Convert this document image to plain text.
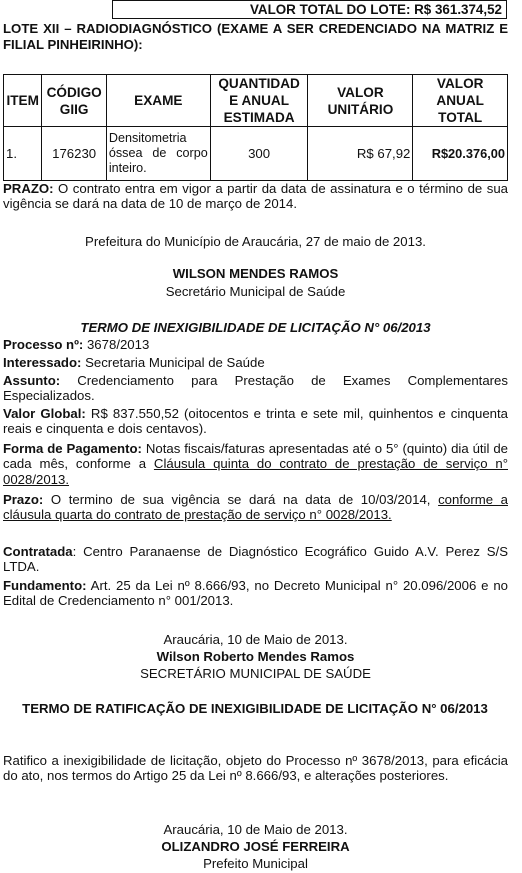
VALOR TOTAL DO LOTE: R$ 361.374,52
LOTE XII – RADIODIAGNÓSTICO (EXAME A SER CREDENCIADO NA MATRIZ E FILIAL PINHEIRINHO):
ITEM	CÓDIGO GIIG	EXAME	QUANTIDAD E ANUAL ESTIMADA	VALOR UNITÁRIO	VALOR ANUAL TOTAL
1.	176230	Densitometria óssea de corpo inteiro.	300	R$ 67,92	R$20.376,00

PRAZO: O contrato entra em vigor a partir da data de assinatura e o término de sua vigência se dará na data de 10 de março de 2014.

Prefeitura do Município de Araucária, 27 de maio de 2013.

WILSON MENDES RAMOS

Secretário Municipal de Saúde

TERMO DE INEXIGIBILIDADE DE LICITAÇÃO N° 06/2013

Processo nº: 3678/2013

Interessado: Secretaria Municipal de Saúde

Assunto: Credenciamento para Prestação de Exames Complementares Especializados.

Valor Global: R$ 837.550,52 (oitocentos e trinta e sete mil, quinhentos e cinquenta reais e cinquenta e dois centavos).

Forma de Pagamento: Notas fiscais/faturas apresentadas até o 5° (quinto) dia útil de cada mês, conforme a Cláusula quinta do contrato de prestação de serviço n° 0028/2013.

Prazo: O termino de sua vigência se dará na data de 10/03/2014, conforme a cláusula quarta do contrato de prestação de serviço n° 0028/2013.

Contratada: Centro Paranaense de Diagnóstico Ecográfico Guido A.V. Perez S/S LTDA.

Fundamento: Art. 25 da Lei nº 8.666/93, no Decreto Municipal n° 20.096/2006 e no Edital de Credenciamento n° 001/2013.

Araucária, 10 de Maio de 2013.

Wilson Roberto Mendes Ramos

SECRETÁRIO MUNICIPAL DE SAÚDE

TERMO DE RATIFICAÇÃO DE INEXIGIBILIDADE DE LICITAÇÃO N° 06/2013

Ratifico a inexigibilidade de licitação, objeto do Processo nº 3678/2013, para eficácia do ato, nos termos do Artigo 25 da Lei nº 8.666/93, e alterações posteriores.

Araucária, 10 de Maio de 2013.

OLIZANDRO JOSÉ FERREIRA

Prefeito Municipal
